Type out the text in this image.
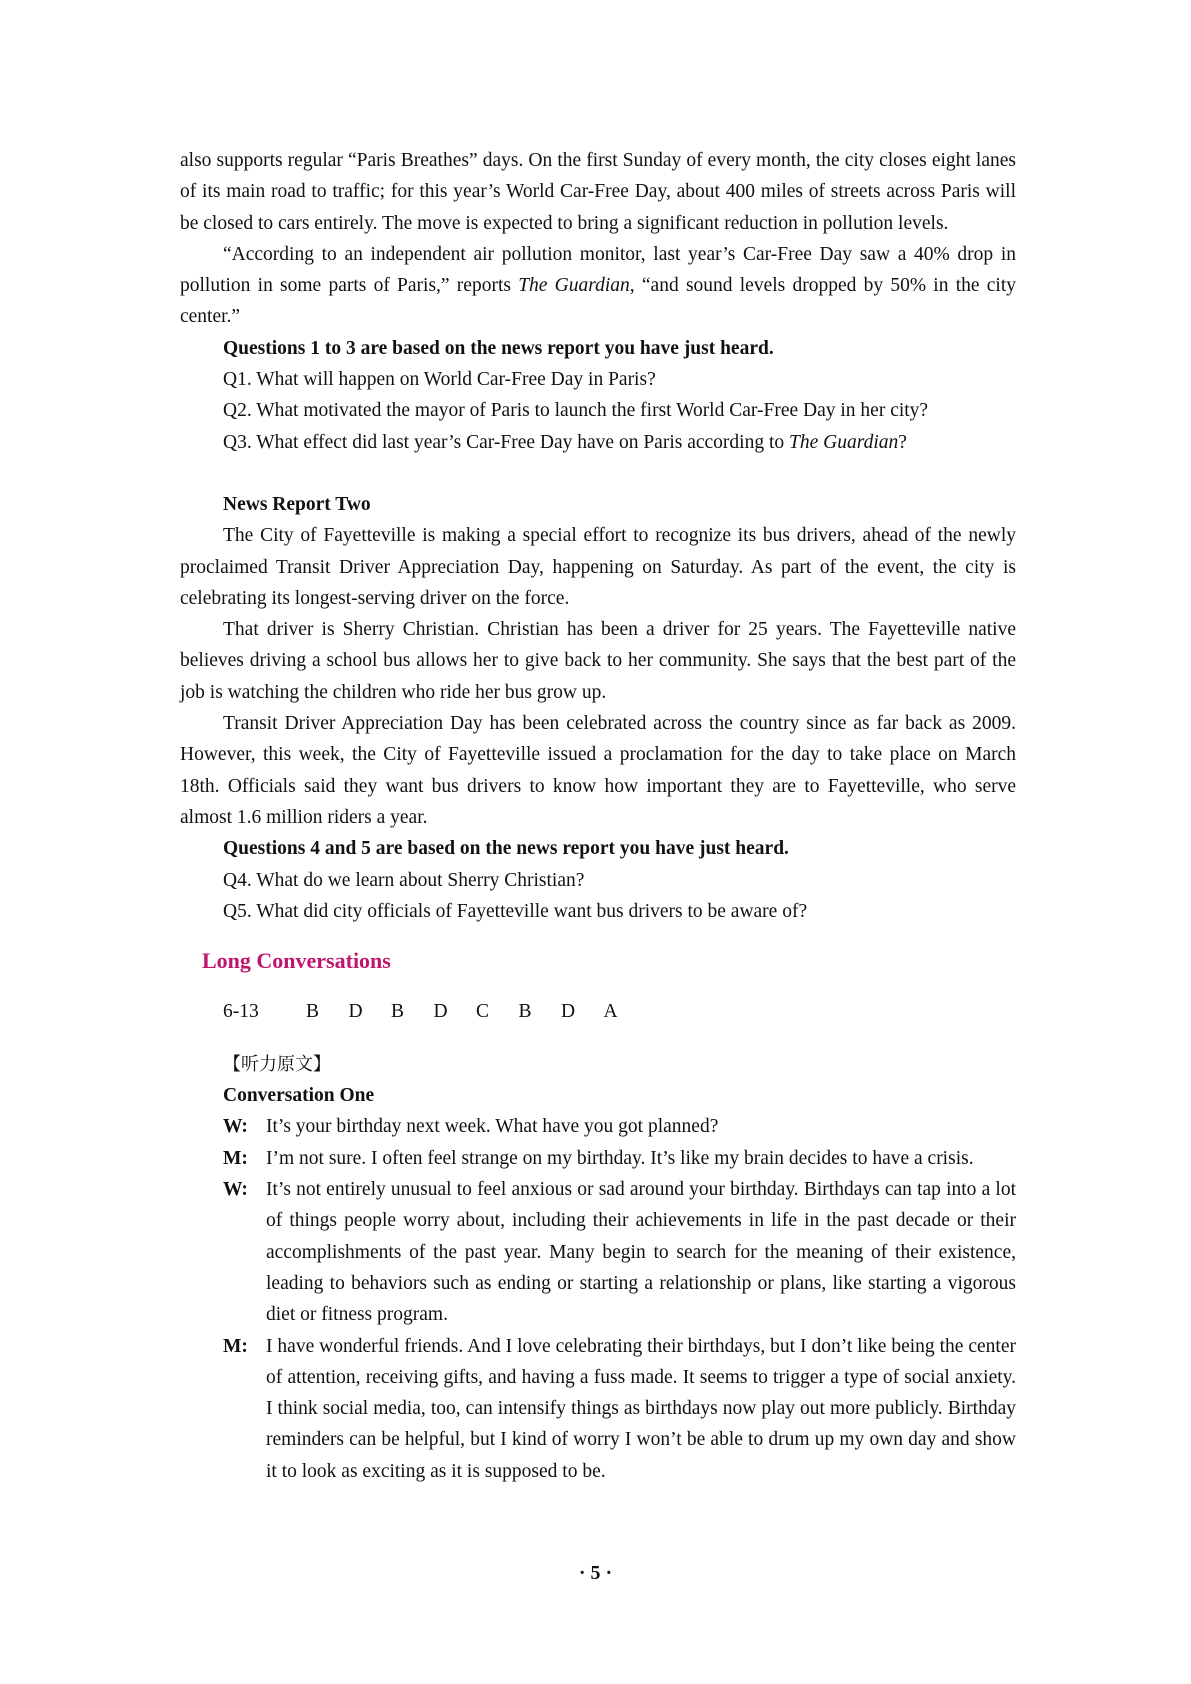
also supports regular “Paris Breathes” days. On the first Sunday of every month, the city closes eight lanes of its main road to traffic; for this year’s World Car-Free Day, about 400 miles of streets across Paris will be closed to cars entirely. The move is expected to bring a significant reduction in pollution levels.

“According to an independent air pollution monitor, last year’s Car-Free Day saw a 40% drop in pollution in some parts of Paris,” reports The Guardian, “and sound levels dropped by 50% in the city center.”

Questions 1 to 3 are based on the news report you have just heard.

Q1. What will happen on World Car-Free Day in Paris?

Q2. What motivated the mayor of Paris to launch the first World Car-Free Day in her city?

Q3. What effect did last year’s Car-Free Day have on Paris according to The Guardian?

News Report Two

The City of Fayetteville is making a special effort to recognize its bus drivers, ahead of the newly proclaimed Transit Driver Appreciation Day, happening on Saturday. As part of the event, the city is celebrating its longest-serving driver on the force.

That driver is Sherry Christian. Christian has been a driver for 25 years. The Fayetteville native believes driving a school bus allows her to give back to her community. She says that the best part of the job is watching the children who ride her bus grow up.

Transit Driver Appreciation Day has been celebrated across the country since as far back as 2009. However, this week, the City of Fayetteville issued a proclamation for the day to take place on March 18th. Officials said they want bus drivers to know how important they are to Fayetteville, who serve almost 1.6 million riders a year.

Questions 4 and 5 are based on the news report you have just heard.

Q4. What do we learn about Sherry Christian?

Q5. What did city officials of Fayetteville want bus drivers to be aware of?

Long Conversations
6-13	B	D	B	D	C	B	D	A
【听力原文】

Conversation One

W: It’s your birthday next week. What have you got planned?
M: I’m not sure. I often feel strange on my birthday. It’s like my brain decides to have a crisis.
W: It’s not entirely unusual to feel anxious or sad around your birthday. Birthdays can tap into a lot of things people worry about, including their achievements in life in the past decade or their accomplishments of the past year. Many begin to search for the meaning of their existence, leading to behaviors such as ending or starting a relationship or plans, like starting a vigorous diet or fitness program.
M: I have wonderful friends. And I love celebrating their birthdays, but I don’t like being the center of attention, receiving gifts, and having a fuss made. It seems to trigger a type of social anxiety. I think social media, too, can intensify things as birthdays now play out more publicly. Birthday reminders can be helpful, but I kind of worry I won’t be able to drum up my own day and show it to look as exciting as it is supposed to be.
· 5 ·
